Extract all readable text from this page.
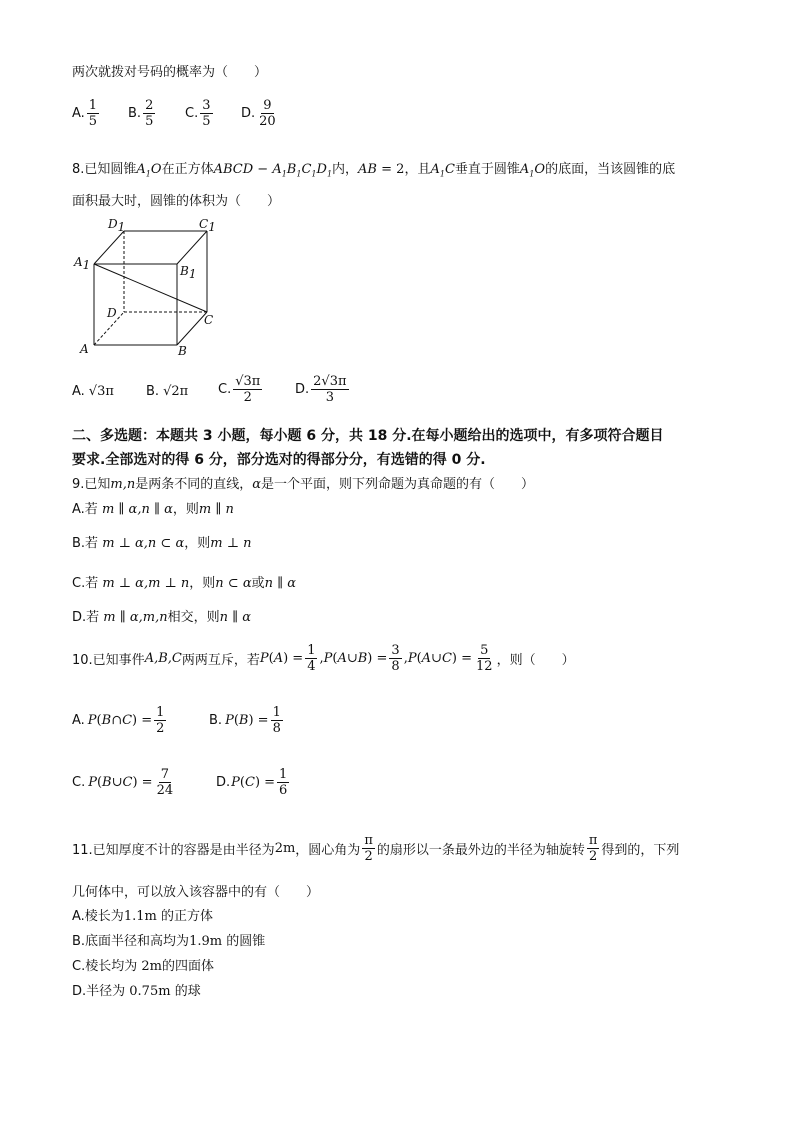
两次就拨对号码的概率为（　　）
A. $\frac{1}{5} B$. $\frac{2}{5} C$. $\frac{3}{5} D$. $\frac{9}{20}$
8.已知圆锥$A_1O$在正方体ABCD − $A_1B_1C_1D_1$内，AB = 2，且$A_1C$垂直于圆锥$A_1O$的底面，当该圆锥的底
面积最大时，圆锥的体积为（　　）
D1	C1
A1	B1
D	C
A	B
A. √3π B. √2π C. $\frac{√3\pi}{2}$	D. $\frac{2√3\pi}{3}$
二、多选题：本题共 3 小题，每小题 6 分，共 18 分.在每小题给出的选项中，有多项符合题目
要求.全部选对的得 6 分，部分选对的得部分分，有选错的得 0 分.
9.已知m,n是两条不同的直线，α是一个平面，则下列命题为真命题的有（　　）
A.若 m ∥ α,n ∥ α，则m ∥ n
B.若 m ⊥ α,n ⊂ α，则m ⊥ n
C.若 m ⊥ α,m ⊥ n，则n ⊂ α或n ∥ α
D.若 m ∥ α,m,n相交，则n ∥ α
10.已知事件 A,B,C 两两互斥，若 P ( A ) = $\frac{1}{4}$ , P ( A ∪ B ) = $\frac{3}{8}$ , P ( A ∪ C ) = $\frac{5}{12}$ ，则（　　）
A. P ( B ∩ C ) = $\frac{1}{2}$	B. P ( B ) = $\frac{1}{8}$
C. P ( B ∪ C ) = $\frac{7}{24}$	D. P ( C ) = $\frac{1}{6}$
11.已知厚度不计的容器是由半径为 2m ，圆心角为 $\frac{\pi}{2}$ 的扇形以一条最外边的半径为轴旋转 $\frac{\pi}{2}$ 得到的，下列
几何体中，可以放入该容器中的有（　　）
A.棱长为1.1m 的正方体
B.底面半径和高均为1.9m 的圆锥
C.棱长均为 2m的四面体
D.半径为 0.75m 的球
